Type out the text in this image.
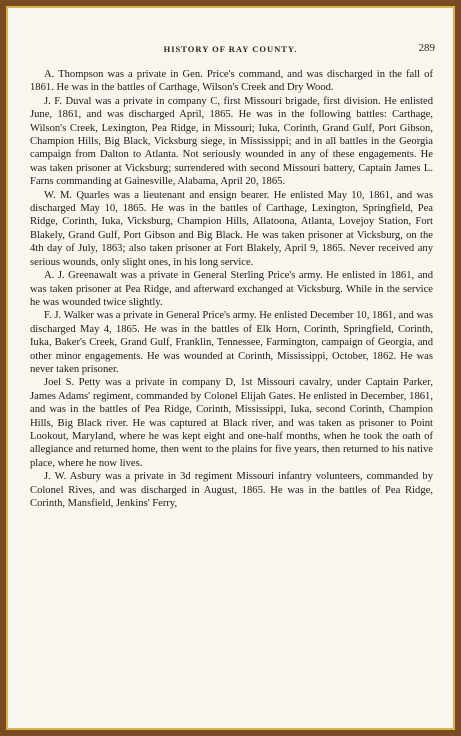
HISTORY OF RAY COUNTY.	289

A. Thompson was a private in Gen. Price's command, and was discharged in the fall of 1861. He was in the battles of Carthage, Wilson's Creek and Dry Wood.

J. F. Duval was a private in company C, first Missouri brigade, first division. He enlisted June, 1861, and was discharged April, 1865. He was in the following battles: Carthage, Wilson's Creek, Lexington, Pea Ridge, in Missouri; Iuka, Corinth, Grand Gulf, Port Gibson, Champion Hills, Big Black, Vicksburg siege, in Mississippi; and in all battles in the Georgia campaign from Dalton to Atlanta. Not seriously wounded in any of these engagements. He was taken prisoner at Vicksburg; surrendered with second Missouri battery, Captain James L. Farns commanding at Gainesville, Alabama, April 20, 1865.

W. M. Quarles was a lieutenant and ensign bearer. He enlisted May 10, 1861, and was discharged May 10, 1865. He was in the battles of Carthage, Lexington, Springfield, Pea Ridge, Corinth, Iuka, Vicksburg, Champion Hills, Allatoona, Atlanta, Lovejoy Station, Fort Blakely, Grand Gulf, Port Gibson and Big Black. He was taken prisoner at Vicksburg, on the 4th day of July, 1863; also taken prisoner at Fort Blakely, April 9, 1865. Never received any serious wounds, only slight ones, in his long service.

A. J. Greenawalt was a private in General Sterling Price's army. He enlisted in 1861, and was taken prisoner at Pea Ridge, and afterward exchanged at Vicksburg. While in the service he was wounded twice slightly.

F. J. Walker was a private in General Price's army. He enlisted December 10, 1861, and was discharged May 4, 1865. He was in the battles of Elk Horn, Corinth, Springfield, Corinth, Iuka, Baker's Creek, Grand Gulf, Franklin, Tennessee, Farmington, campaign of Georgia, and other minor engagements. He was wounded at Corinth, Mississippi, October, 1862. He was never taken prisoner.

Joel S. Petty was a private in company D, 1st Missouri cavalry, under Captain Parker, James Adams' regiment, commanded by Colonel Elijah Gates. He enlisted in December, 1861, and was in the battles of Pea Ridge, Corinth, Mississippi, Iuka, second Corinth, Champion Hills, Big Black river. He was captured at Black river, and was taken as prisoner to Point Lookout, Maryland, where he was kept eight and one-half months, when he took the oath of allegiance and returned home, then went to the plains for five years, then returned to his native place, where he now lives.

J. W. Asbury was a private in 3d regiment Missouri infantry volunteers, commanded by Colonel Rives, and was discharged in August, 1865. He was in the battles of Pea Ridge, Corinth, Mansfield, Jenkins' Ferry,
